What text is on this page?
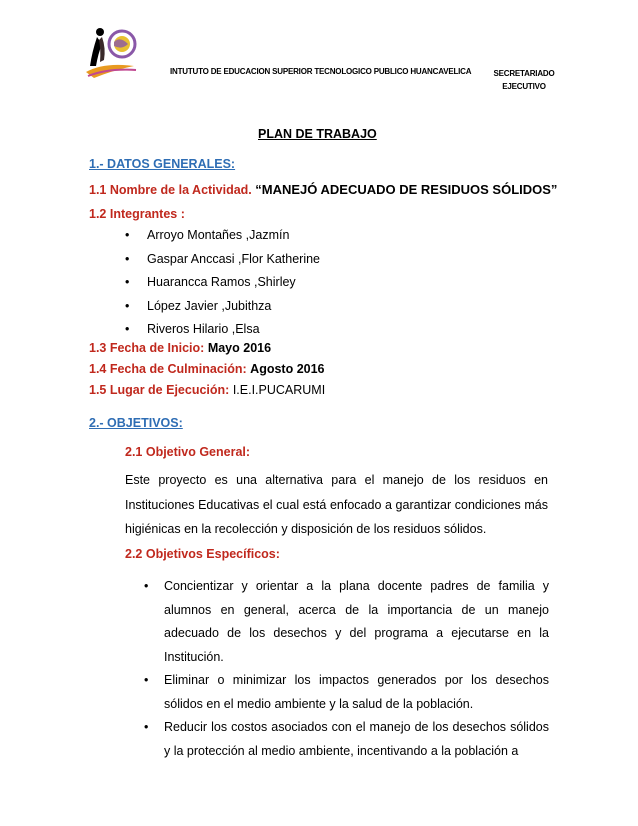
INTUTUTO DE EDUCACION SUPERIOR TECNOLOGICO PUBLICO HUANCAVELICA	SECRETARIADO EJECUTIVO
PLAN DE TRABAJO
1.- DATOS GENERALES:
1.1 Nombre de la Actividad. “MANEJÓ ADECUADO DE RESIDUOS SÓLIDOS”
1.2 Integrantes :
• Arroyo Montañes ,Jazmín
• Gaspar Anccasi ,Flor Katherine
• Huarancca Ramos ,Shirley
• López Javier ,Jubithza
• Riveros Hilario ,Elsa
1.3 Fecha de Inicio: Mayo 2016
1.4 Fecha de Culminación: Agosto 2016
1.5 Lugar de Ejecución: I.E.I.PUCARUMI
2.- OBJETIVOS:
2.1 Objetivo General:
Este proyecto es una alternativa para el manejo de los residuos en Instituciones Educativas el cual está enfocado a garantizar condiciones más higiénicas en la recolección y disposición de los residuos sólidos.
2.2 Objetivos Específicos:
• Concientizar y orientar a la plana docente padres de familia y alumnos en general, acerca de la importancia de un manejo adecuado de los desechos y del programa a ejecutarse en la Institución.
• Eliminar o minimizar los impactos generados por los desechos sólidos en el medio ambiente y la salud de la población.
• Reducir los costos asociados con el manejo de los desechos sólidos y la protección al medio ambiente, incentivando a la población a
